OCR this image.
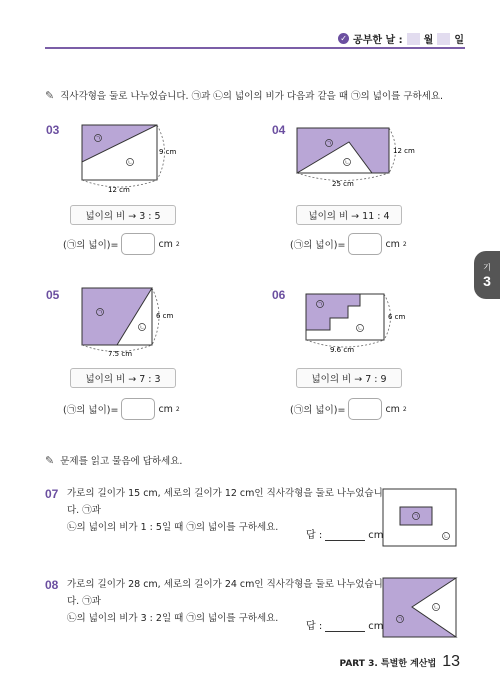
✓ 공부한 날 : 월 일
✎ 직사각형을 둘로 나누었습니다. ㉠과 ㉡의 넓이의 비가 다음과 같을 때 ㉠의 넓이를 구하세요.
03
ㄱ
ㄴ
9 cm
12 cm
넓이의 비 → 3 : 5
(㉠의 넓이)=	cm 2
04
ㄱ
ㄴ
12 cm
25 cm
넓이의 비 → 11 : 4
(㉠의 넓이)=	cm 2
기
3
05
ㄱ
ㄴ
6 cm
7.5 cm
넓이의 비 → 7 : 3
(㉠의 넓이)=	cm 2
06
ㄱ
ㄴ
6 cm
9.6 cm
넓이의 비 → 7 : 9
(㉠의 넓이)=	cm 2
✎ 문제를 읽고 물음에 답하세요.
07 가로의 길이가 15 cm, 세로의 길이가 12 cm인 직사각형을 둘로 나누었습니다. ㉠과
㉡의 넓이의 비가 1 : 5일 때 ㉠의 넓이를 구하세요.
답 :	cm
ㄱ
ㄴ
08 가로의 길이가 28 cm, 세로의 길이가 24 cm인 직사각형을 둘로 나누었습니다. ㉠과
㉡의 넓이의 비가 3 : 2일 때 ㉠의 넓이를 구하세요.
답 :	cm
ㄱ
ㄴ
PART 3. 특별한 계산법 13
